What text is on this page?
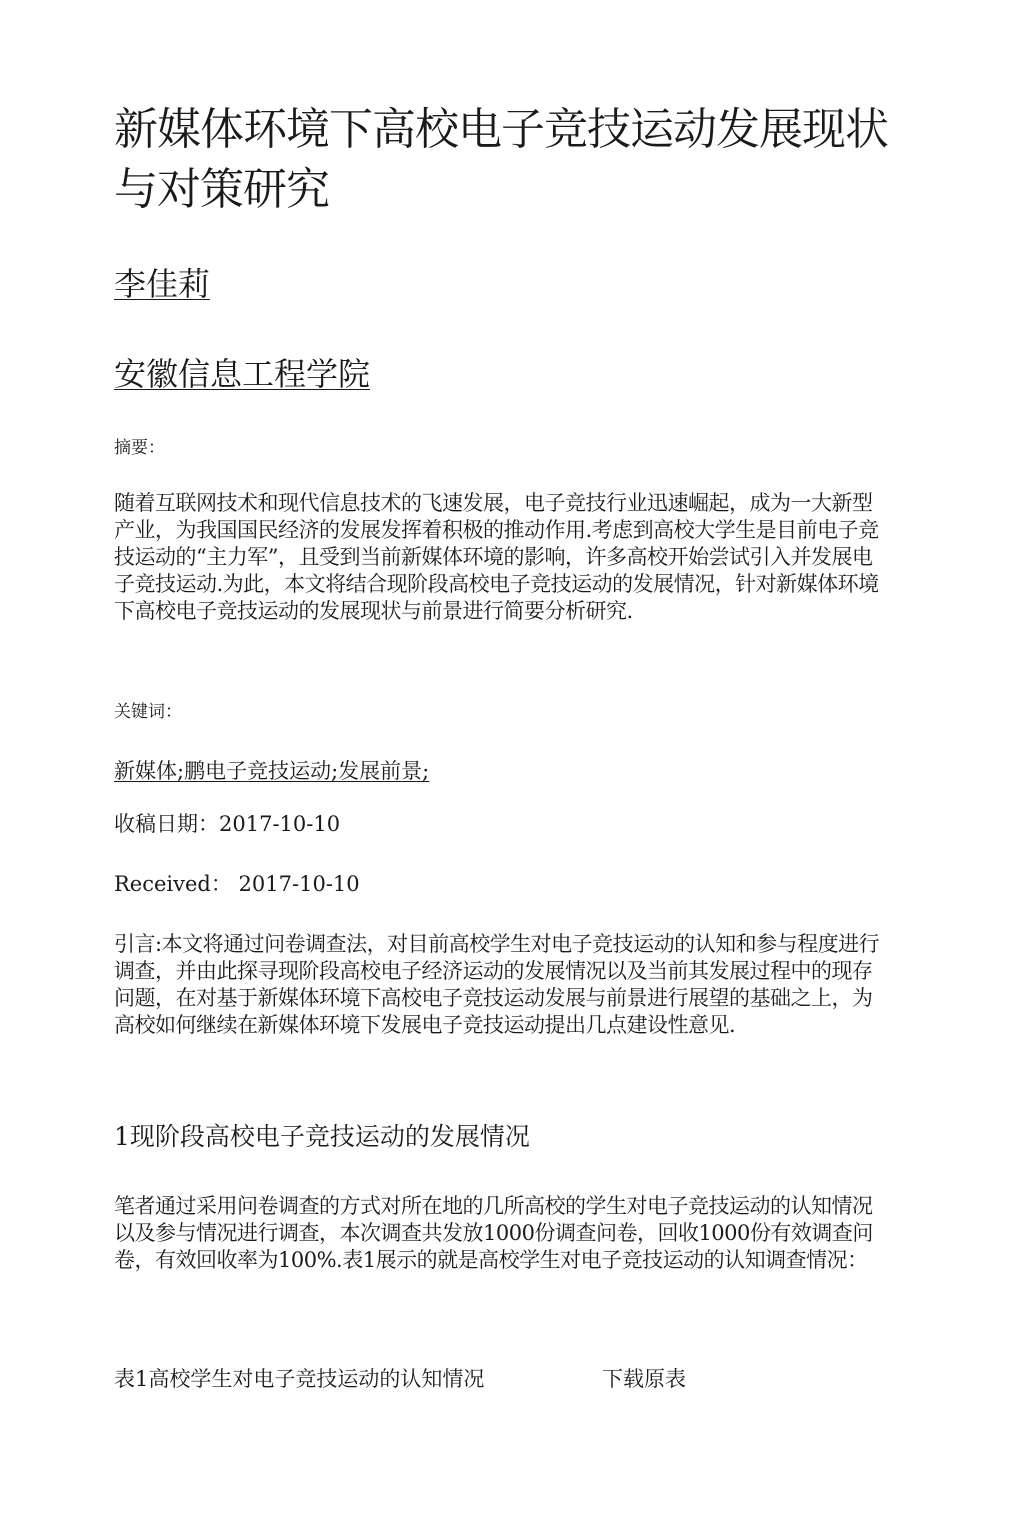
新媒体环境下高校电子竞技运动发展现状与对策研究
李佳莉
安徽信息工程学院
摘要：

随着互联网技术和现代信息技术的飞速发展，电子竞技行业迅速崛起，成为一大新型产业，为我国国民经济的发展发挥着积极的推动作用.考虑到高校大学生是目前电子竞技运动的“主力军”，且受到当前新媒体环境的影响，许多高校开始尝试引入并发展电子竞技运动.为此，本文将结合现阶段高校电子竞技运动的发展情况，针对新媒体环境下高校电子竞技运动的发展现状与前景进行简要分析研究.

关键词：
新媒体;鹏电子竞技运动;发展前景;
收稿日期：2017-10-10
Received： 2017-10-10

引言:本文将通过问卷调查法，对目前高校学生对电子竞技运动的认知和参与程度进行调查，并由此探寻现阶段高校电子经济运动的发展情况以及当前其发展过程中的现存问题，在对基于新媒体环境下高校电子竞技运动发展与前景进行展望的基础之上，为高校如何继续在新媒体环境下发展电子竞技运动提出几点建设性意见.

1现阶段高校电子竞技运动的发展情况

笔者通过采用问卷调查的方式对所在地的几所高校的学生对电子竞技运动的认知情况以及参与情况进行调查，本次调查共发放1000份调查问卷，回收1000份有效调查问卷，有效回收率为100%.表1展示的就是高校学生对电子竞技运动的认知调查情况：

表1高校学生对电子竞技运动的认知情况	下载原表
